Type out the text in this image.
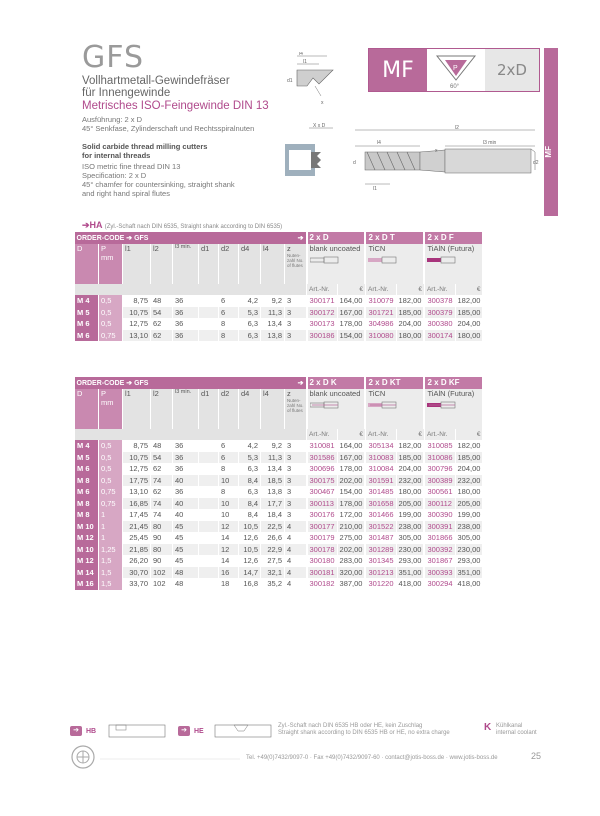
GFS
Vollhartmetall-Gewindefräser
für Innengewinde
Metrisches ISO-Feingewinde DIN 13
Ausführung: 2 x D
45° Senkfase, Zylinderschaft und Rechtsspiralnuten
Solid carbide thread milling cutters
for internal threads
ISO metric fine thread DIN 13
Specification: 2 x D
45° chamfer for countersinking, straight shank
and right hand spiral flutes
l4
l1
d1
x
MF	P
60°
2xD
MF
X x D	l2
l4	l3 min
d2
l1
d
x
➔HA (Zyl.-Schaft nach DIN 6535, Straight shank according to DIN 6535)
ORDER-CODE ➔ GFS									➔	2 x D		2 x D T		2 x D F	
D	P mm	l1	l2	l3 min.	d1	d2	d4	l4	z
Nuten-zahl No. of flutes	blank uncoated		TiCN		TiAlN (Futura)	

										Art.-Nr.	€	Art.-Nr.	€	Art.-Nr.	€
M 4	0,5	8,75	48	36		6	4,2	9,2	3	300171	164,00	310079	182,00	300378	182,00
M 5	0,5	10,75	54	36		6	5,3	11,3	3	300172	167,00	301721	185,00	300379	185,00
M 6	0,5	12,75	62	36		8	6,3	13,4	3	300173	178,00	304986	204,00	300380	204,00
M 6	0,75	13,10	62	36		8	6,3	13,8	3	300186	154,00	310080	180,00	300174	180,00
ORDER-CODE ➔ GFS									➔	2 x D K		2 x D KT		2 x D KF	
D	P mm	l1	l2	l3 min.	d1	d2	d4	l4	z
Nuten-zahl No. of flutes	blank uncoated		TiCN		TiAlN (Futura)	

										Art.-Nr.	€	Art.-Nr.	€	Art.-Nr.	€
M 4	0,5	8,75	48	36		6	4,2	9,2	3	310081	164,00	305134	182,00	310085	182,00
M 5	0,5	10,75	54	36		6	5,3	11,3	3	301586	167,00	310083	185,00	310086	185,00
M 6	0,5	12,75	62	36		8	6,3	13,4	3	300696	178,00	310084	204,00	300796	204,00
M 8	0,5	17,75	74	40		10	8,4	18,5	3	300175	202,00	301591	232,00	300389	232,00
M 6	0,75	13,10	62	36		8	6,3	13,8	3	300467	154,00	301485	180,00	300561	180,00
M 8	0,75	16,85	74	40		10	8,4	17,7	3	300113	178,00	301658	205,00	300112	205,00
M 8	1	17,45	74	40		10	8,4	18,4	3	300176	172,00	301466	199,00	300390	199,00
M 10	1	21,45	80	45		12	10,5	22,5	4	300177	210,00	301522	238,00	300391	238,00
M 12	1	25,45	90	45		14	12,6	26,6	4	300179	275,00	301487	305,00	301866	305,00
M 10	1,25	21,85	80	45		12	10,5	22,9	4	300178	202,00	301289	230,00	300392	230,00
M 12	1,5	26,20	90	45		14	12,6	27,5	4	300180	283,00	301345	293,00	301867	293,00
M 14	1,5	30,70	102	48		16	14,7	32,1	4	300181	320,00	301213	351,00	300393	351,00
M 16	1,5	33,70	102	48		18	16,8	35,2	4	300182	387,00	301220	418,00	300294	418,00
➔	HB	➔	HE
Zyl.-Schaft nach DIN 6535 HB oder HE, kein Zuschlag
Straight shank according to DIN 6535 HB or HE, no extra charge	K Kühlkanal
internal coolant
Tel. +49(0)7432/9097-0 · Fax +49(0)7432/9097-60 · contact@jotis-boss.de · www.jotis-boss.de	25
